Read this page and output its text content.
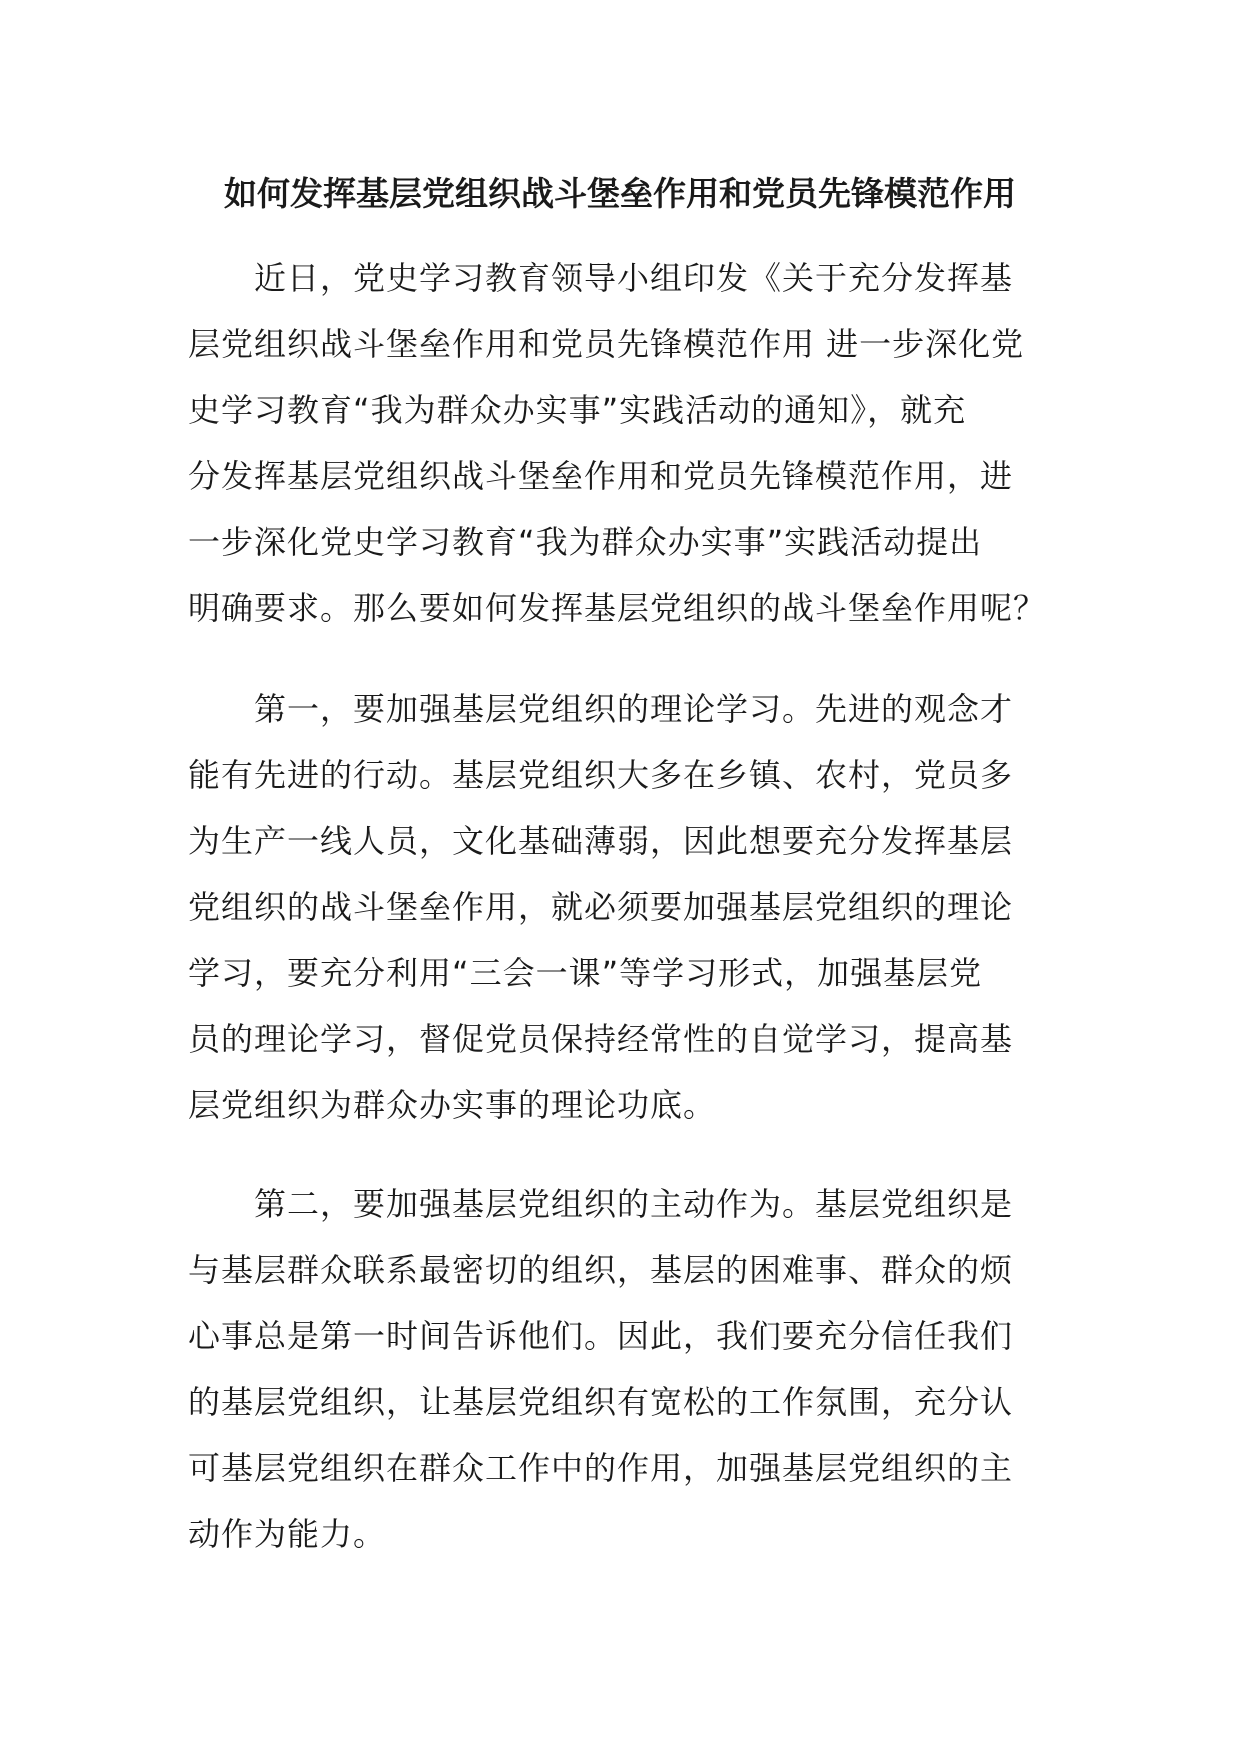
如何发挥基层党组织战斗堡垒作用和党员先锋模范作用
近日，党史学习教育领导小组印发《关于充分发挥基
层党组织战斗堡垒作用和党员先锋模范作用 进一步深化党
史学习教育“我为群众办实事”实践活动的通知》，就充
分发挥基层党组织战斗堡垒作用和党员先锋模范作用，进
一步深化党史学习教育“我为群众办实事”实践活动提出
明确要求。那么要如何发挥基层党组织的战斗堡垒作用呢？
第一，要加强基层党组织的理论学习。先进的观念才
能有先进的行动。基层党组织大多在乡镇、农村，党员多
为生产一线人员，文化基础薄弱，因此想要充分发挥基层
党组织的战斗堡垒作用，就必须要加强基层党组织的理论
学习，要充分利用“三会一课”等学习形式，加强基层党
员的理论学习，督促党员保持经常性的自觉学习，提高基
层党组织为群众办实事的理论功底。
第二，要加强基层党组织的主动作为。基层党组织是
与基层群众联系最密切的组织，基层的困难事、群众的烦
心事总是第一时间告诉他们。因此，我们要充分信任我们
的基层党组织，让基层党组织有宽松的工作氛围，充分认
可基层党组织在群众工作中的作用，加强基层党组织的主
动作为能力。
